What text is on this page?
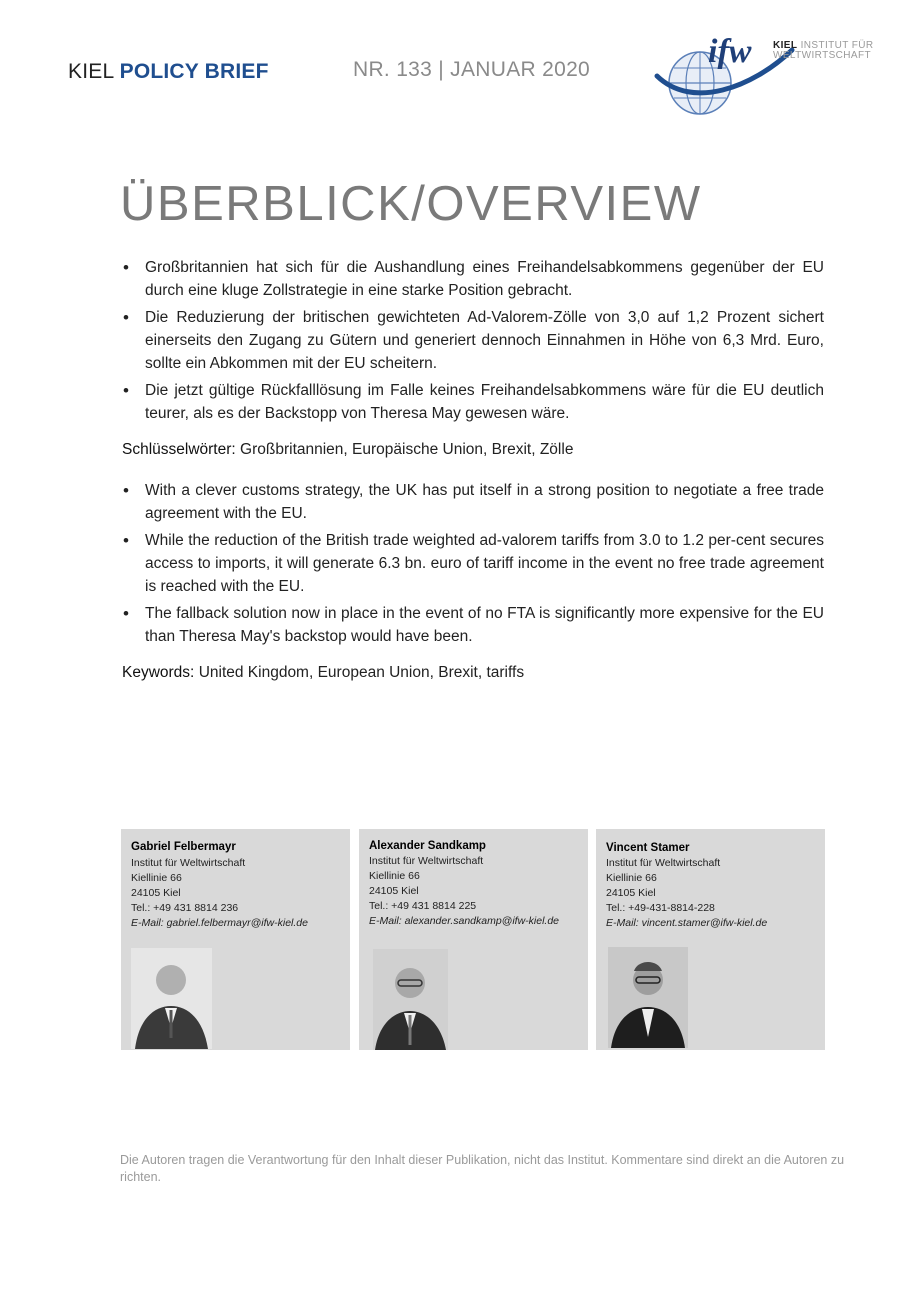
KIEL POLICY BRIEF	NR. 133 | JANUAR 2020	ifw KIEL INSTITUT FÜR
WELTWIRTSCHAFT
ÜBERBLICK/OVERVIEW
• Großbritannien hat sich für die Aushandlung eines Freihandelsabkommens gegenüber der EU durch eine kluge Zollstrategie in eine starke Position gebracht.
• Die Reduzierung der britischen gewichteten Ad-Valorem-Zölle von 3,0 auf 1,2 Prozent sichert einerseits den Zugang zu Gütern und generiert dennoch Einnahmen in Höhe von 6,3 Mrd. Euro, sollte ein Abkommen mit der EU scheitern.
• Die jetzt gültige Rückfalllösung im Falle keines Freihandelsabkommens wäre für die EU deutlich teurer, als es der Backstopp von Theresa May gewesen wäre.
Schlüsselwörter: Großbritannien, Europäische Union, Brexit, Zölle
• With a clever customs strategy, the UK has put itself in a strong position to negotiate a free trade agreement with the EU.
• While the reduction of the British trade weighted ad-valorem tariffs from 3.0 to 1.2 per-cent secures access to imports, it will generate 6.3 bn. euro of tariff income in the event no free trade agreement is reached with the EU.
• The fallback solution now in place in the event of no FTA is significantly more expensive for the EU than Theresa May's backstop would have been.
Keywords: United Kingdom, European Union, Brexit, tariffs
Gabriel Felbermayr
Institut für Weltwirtschaft
Kiellinie 66
24105 Kiel
Tel.: +49 431 8814 236
E-Mail: gabriel.felbermayr@ifw-kiel.de
Alexander Sandkamp
Institut für Weltwirtschaft
Kiellinie 66
24105 Kiel
Tel.: +49 431 8814 225
E-Mail: alexander.sandkamp@ifw-kiel.de
Vincent Stamer
Institut für Weltwirtschaft
Kiellinie 66
24105 Kiel
Tel.: +49-431-8814-228
E-Mail: vincent.stamer@ifw-kiel.de
Die Autoren tragen die Verantwortung für den Inhalt dieser Publikation, nicht das Institut. Kommentare sind direkt an die Autoren zu richten.
